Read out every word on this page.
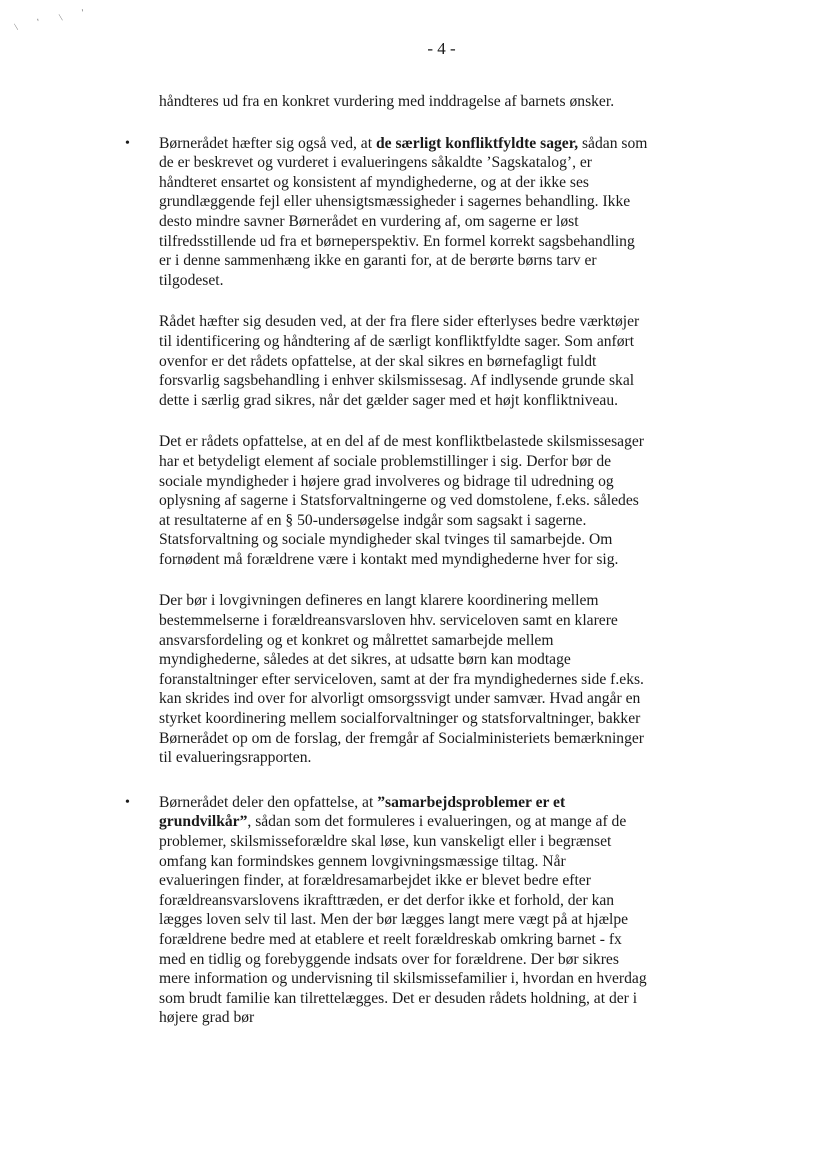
\ ' \ '
- 4 -

håndteres ud fra en konkret vurdering med inddragelse af barnets ønsker.

• Børnerådet hæfter sig også ved, at de særligt konfliktfyldte sager, sådan som de er beskrevet og vurderet i evalueringens såkaldte ’Sagskatalog’, er håndteret ensartet og konsistent af myndighederne, og at der ikke ses grundlæggende fejl eller uhensigtsmæssigheder i sagernes behandling. Ikke desto mindre savner Børnerådet en vurdering af, om sagerne er løst tilfredsstillende ud fra et børneperspektiv. En formel korrekt sagsbehandling er i denne sammenhæng ikke en garanti for, at de berørte børns tarv er tilgodeset.

Rådet hæfter sig desuden ved, at der fra flere sider efterlyses bedre værktøjer til identificering og håndtering af de særligt konfliktfyldte sager. Som anført ovenfor er det rådets opfattelse, at der skal sikres en børnefagligt fuldt forsvarlig sagsbehandling i enhver skilsmissesag. Af indlysende grunde skal dette i særlig grad sikres, når det gælder sager med et højt konfliktniveau.

Det er rådets opfattelse, at en del af de mest konfliktbelastede skilsmissesager har et betydeligt element af sociale problemstillinger i sig. Derfor bør de sociale myndigheder i højere grad involveres og bidrage til udredning og oplysning af sagerne i Statsforvaltningerne og ved domstolene, f.eks. således at resultaterne af en § 50-undersøgelse indgår som sagsakt i sagerne. Statsforvaltning og sociale myndigheder skal tvinges til samarbejde. Om fornødent må forældrene være i kontakt med myndighederne hver for sig.

Der bør i lovgivningen defineres en langt klarere koordinering mellem bestemmelserne i forældreansvarsloven hhv. serviceloven samt en klarere ansvarsfordeling og et konkret og målrettet samarbejde mellem myndighederne, således at det sikres, at udsatte børn kan modtage foranstaltninger efter serviceloven, samt at der fra myndighedernes side f.eks. kan skrides ind over for alvorligt omsorgssvigt under samvær. Hvad angår en styrket koordinering mellem socialforvaltninger og statsforvaltninger, bakker Børnerådet op om de forslag, der fremgår af Socialministeriets bemærkninger til evalueringsrapporten.

• Børnerådet deler den opfattelse, at ”samarbejdsproblemer er et grundvilkår”, sådan som det formuleres i evalueringen, og at mange af de problemer, skilsmisseforældre skal løse, kun vanskeligt eller i begrænset omfang kan formindskes gennem lovgivningsmæssige tiltag. Når evalueringen finder, at forældresamarbejdet ikke er blevet bedre efter forældreansvarslovens ikrafttræden, er det derfor ikke et forhold, der kan lægges loven selv til last. Men der bør lægges langt mere vægt på at hjælpe forældrene bedre med at etablere et reelt forældreskab omkring barnet - fx med en tidlig og forebyggende indsats over for forældrene. Der bør sikres mere information og undervisning til skilsmissefamilier i, hvordan en hverdag som brudt familie kan tilrettelægges. Det er desuden rådets holdning, at der i højere grad bør
